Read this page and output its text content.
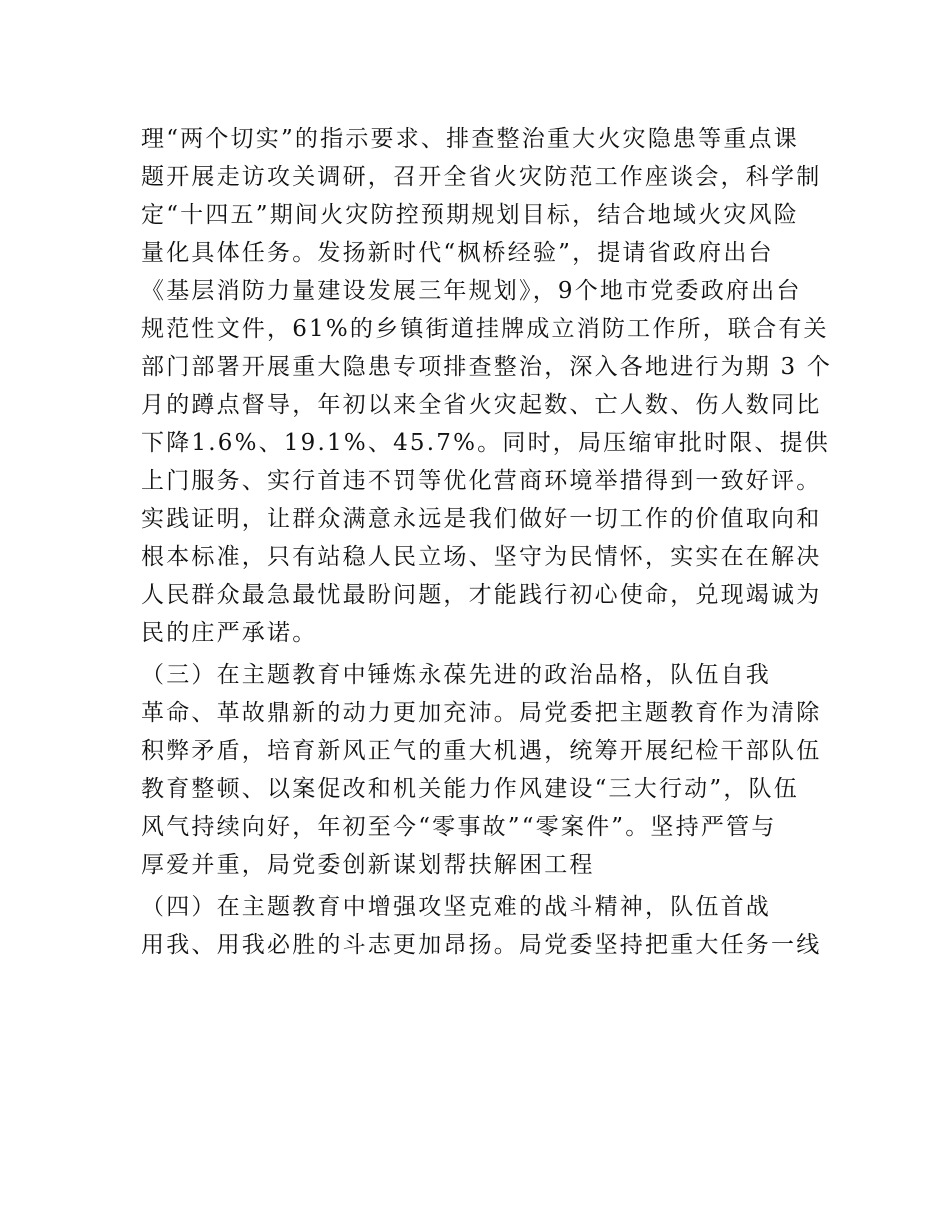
理“两个切实”的指示要求、排查整治重大火灾隐患等重点课
题开展走访攻关调研，召开全省火灾防范工作座谈会，科学制
定“十四五”期间火灾防控预期规划目标，结合地域火灾风险
量化具体任务。发扬新时代“枫桥经验”，提请省政府出台
《基层消防力量建设发展三年规划》，9个地市党委政府出台
规范性文件，61%的乡镇街道挂牌成立消防工作所，联合有关
部门部署开展重大隐患专项排查整治，深入各地进行为期 3 个
月的蹲点督导，年初以来全省火灾起数、亡人数、伤人数同比
下降1.6%、19.1%、45.7%。同时，局压缩审批时限、提供
上门服务、实行首违不罚等优化营商环境举措得到一致好评。
实践证明，让群众满意永远是我们做好一切工作的价值取向和
根本标准，只有站稳人民立场、坚守为民情怀，实实在在解决
人民群众最急最忧最盼问题，才能践行初心使命，兑现竭诚为
民的庄严承诺。
（三）在主题教育中锤炼永葆先进的政治品格，队伍自我
革命、革故鼎新的动力更加充沛。局党委把主题教育作为清除
积弊矛盾，培育新风正气的重大机遇，统筹开展纪检干部队伍
教育整顿、以案促改和机关能力作风建设“三大行动”，队伍
风气持续向好，年初至今“零事故”“零案件”。坚持严管与
厚爱并重，局党委创新谋划帮扶解困工程
（四）在主题教育中增强攻坚克难的战斗精神，队伍首战
用我、用我必胜的斗志更加昂扬。局党委坚持把重大任务一线
